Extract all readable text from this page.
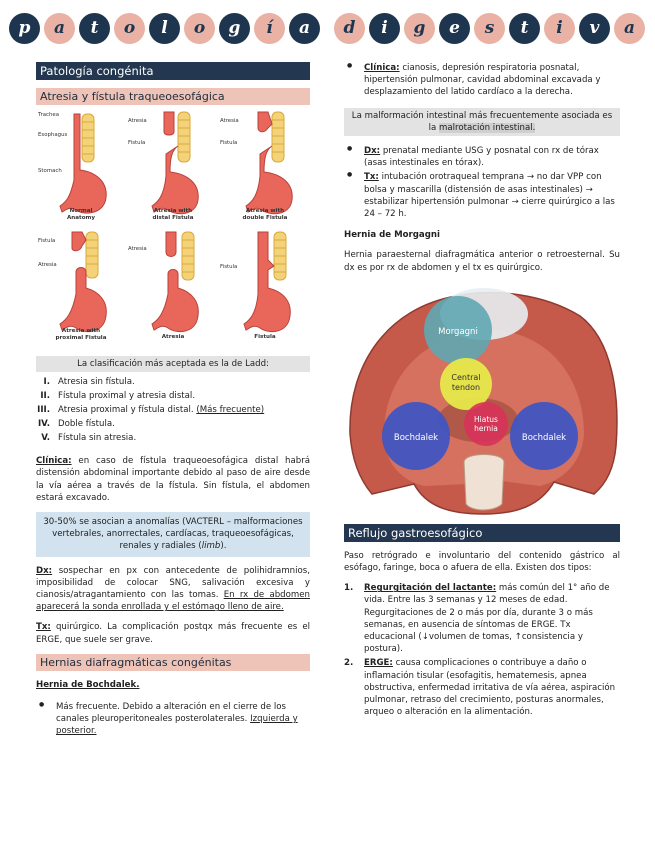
p	a	t	o	l	o	g	í	a	d	i	g	e	s	t	i	v	a
Patología congénita
Atresia y fístula traqueoesofágica
Trachea
Esophagus
Stomach
Normal
Anatomy
Atresia
Fistula
Atresia with
distal Fistula
Atresia
Fistula
Atresia with
double Fistula
Fistula
Atresia
Atresia with
proximal Fistula
Atresia
Atresia
Fistula
Fistula
La clasificación más aceptada es la de Ladd:
I. Atresia sin fístula.
II. Fístula proximal y atresia distal.
III. Atresia proximal y fístula distal. (Más frecuente)
IV. Doble fístula.
V. Fístula sin atresia.

Clínica: en caso de fístula traqueoesofágica distal habrá distensión abdominal importante debido al paso de aire desde la vía aérea a través de la fístula. Sin fístula, el abdomen estará excavado.

30-50% se asocian a anomalías (VACTERL – malformaciones vertebrales, anorrectales, cardíacas, traqueoesofágicas, renales y radiales (limb).

Dx: sospechar en px con antecedente de polihidramnios, imposibilidad de colocar SNG, salivación excesiva y cianosis/atragantamiento con las tomas. En rx de abdomen aparecerá la sonda enrollada y el estómago lleno de aire.

Tx: quirúrgico. La complicación postqx más frecuente es el ERGE, que suele ser grave.

Hernias diafragmáticas congénitas

Hernia de Bochdalek.

● Más frecuente. Debido a alteración en el cierre de los canales pleuroperitoneales posterolaterales. Izquierda y posterior.
● Clínica: cianosis, depresión respiratoria posnatal, hipertensión pulmonar, cavidad abdominal excavada y desplazamiento del latido cardíaco a la derecha.
La malformación intestinal más frecuentemente asociada es la malrotación intestinal.
● Dx: prenatal mediante USG y posnatal con rx de tórax (asas intestinales en tórax).
● Tx: intubación orotraqueal temprana → no dar VPP con bolsa y mascarilla (distensión de asas intestinales) → estabilizar hipertensión pulmonar → cierre quirúrgico a las 24 – 72 h.

Hernia de Morgagni

Hernia paraesternal diafragmática anterior o retroesternal. Su dx es por rx de abdomen y el tx es quirúrgico.

Morgagni
Central tendon
Hiatus hernia
Bochdalek	Bochdalek
Reflujo gastroesofágico

Paso retrógrado e involuntario del contenido gástrico al esófago, faringe, boca o afuera de ella. Existen dos tipos:

1. Regurgitación del lactante: más común del 1° año de vida. Entre las 3 semanas y 12 meses de edad. Regurgitaciones de 2 o más por día, durante 3 o más semanas, en ausencia de síntomas de ERGE. Tx educacional (↓volumen de tomas, ↑consistencia y postura).
2. ERGE: causa complicaciones o contribuye a daño o inflamación tisular (esofagitis, hematemesis, apnea obstructiva, enfermedad irritativa de vía aérea, aspiración pulmonar, retraso del crecimiento, posturas anormales, arqueo o alteración en la alimentación.
